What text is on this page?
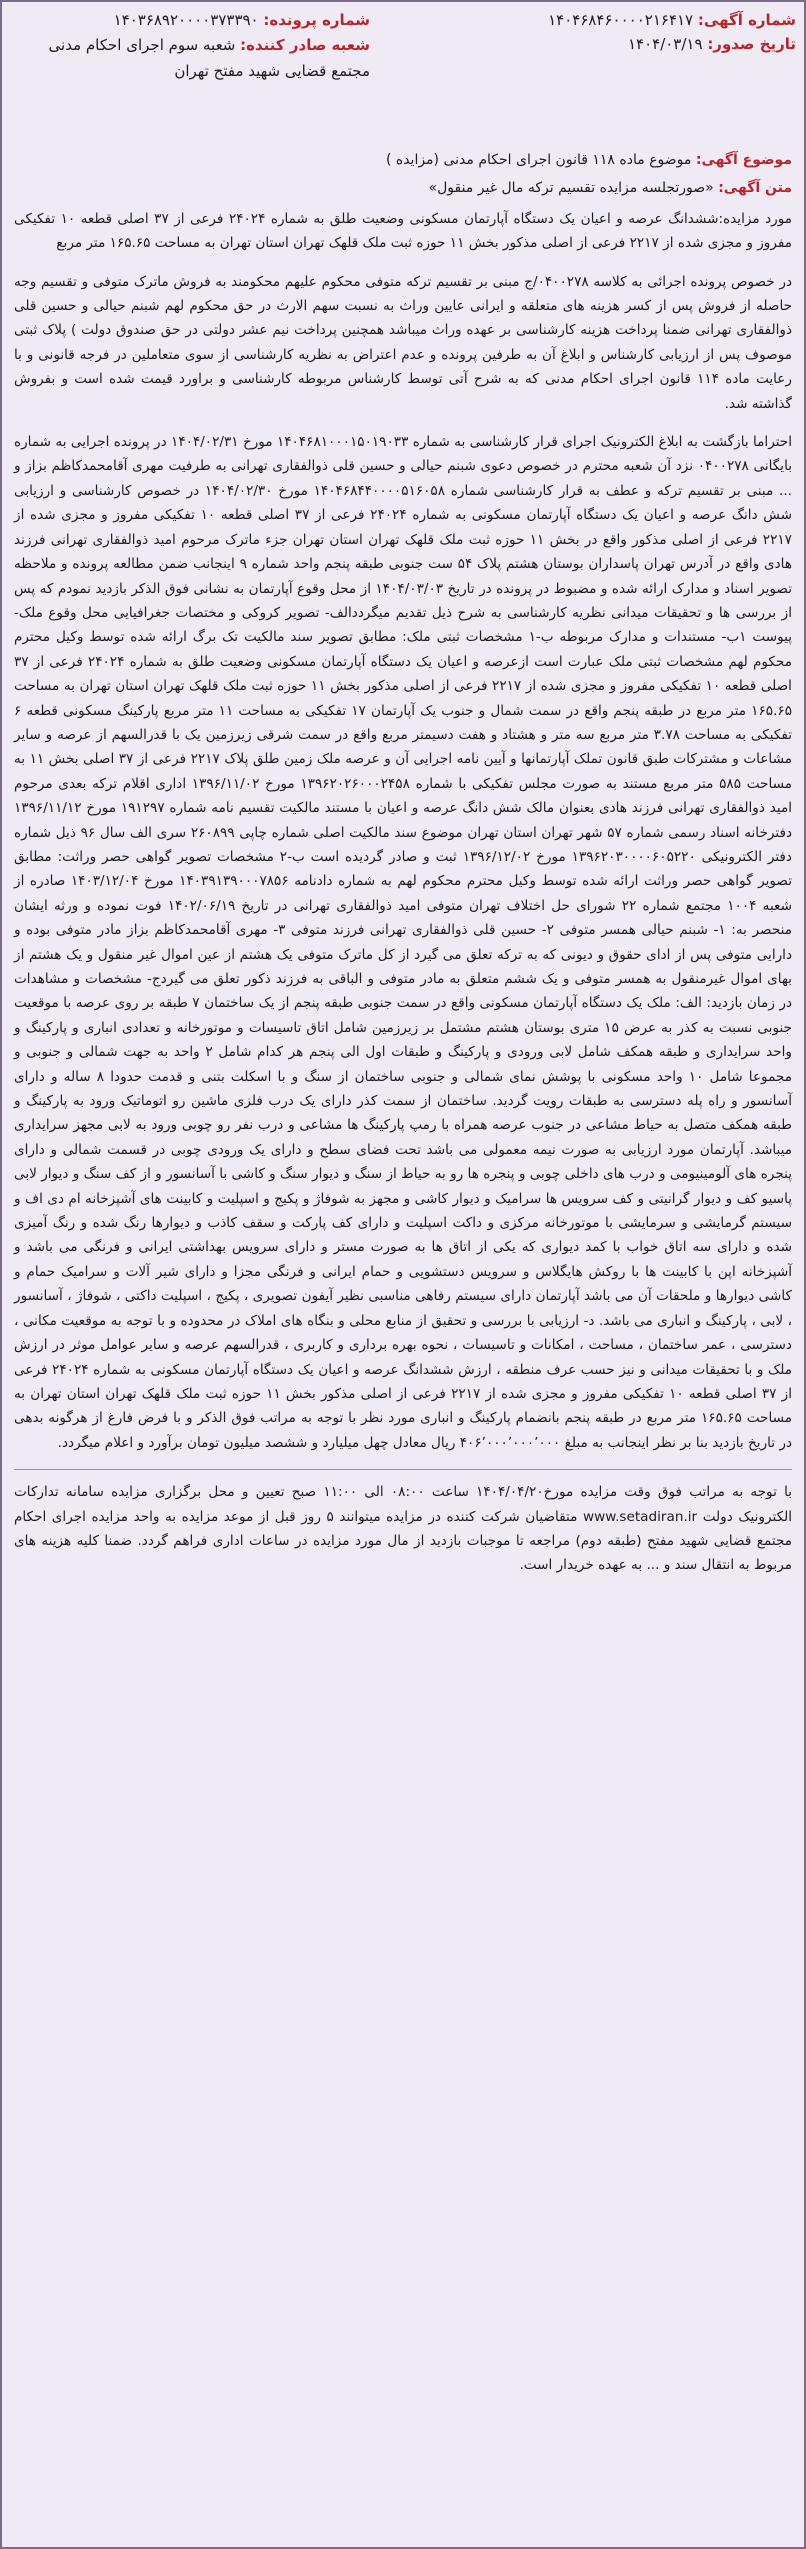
شماره آگهی: ۱۴۰۴۶۸۴۶۰۰۰۰۲۱۶۴۱۷
تاریخ صدور: ۱۴۰۴/۰۳/۱۹
شماره پرونده: ۱۴۰۳۶۸۹۲۰۰۰۰۳۷۳۳۹۰
شعبه صادر کننده: شعبه سوم اجرای احکام مدنی مجتمع قضایی شهید مفتح تهران
موضوع آگهی: موضوع ماده ۱۱۸ قانون اجرای احکام مدنی (مزایده )
متن آگهی: «صورتجلسه مزایده تقسیم ترکه مال غیر منقول»

مورد مزایده:ششدانگ عرصه و اعیان یک دستگاه آپارتمان مسکونی وضعیت طلق به شماره ۲۴۰۲۴ فرعی از ۳۷ اصلی قطعه ۱۰ تفکیکی مفروز و مجزی شده از ۲۲۱۷ فرعی از اصلی مذکور بخش ۱۱ حوزه ثبت ملک قلهک تهران استان تهران به مساحت ۱۶۵.۶۵ متر مربع

در خصوص پرونده اجرائی به کلاسه ۰۴۰۰۲۷۸/ج مبنی بر تقسیم ترکه متوفی محکوم علیهم محکومند به فروش ماترک متوفی و تقسیم وجه حاصله از فروش پس از کسر هزینه های متعلقه و ایرانی عایین وراث به نسبت سهم الارث در حق محکوم لهم شبنم حیالی و حسین قلی ذوالفقاری تهرانی ضمنا پرداخت هزینه کارشناسی بر عهده وراث میباشد همچنین پرداخت نیم عشر دولتی در حق صندوق دولت ) پلاک ثبتی موصوف پس از ارزیابی کارشناس و ابلاغ آن به طرفین پرونده و عدم اعتراض به نظریه کارشناسی از سوی متعاملین در فرجه قانونی و با رعایت ماده ۱۱۴ قانون اجرای احکام مدنی که به شرح آتی توسط کارشناس مربوطه کارشناسی و براورد قیمت شده است و بفروش گذاشته شد.

احتراما بازگشت به ابلاغ الکترونیک اجرای قرار کارشناسی به شماره ۱۴۰۴۶۸۱۰۰۰۱۵۰۱۹۰۳۳ مورخ ۱۴۰۴/۰۲/۳۱ در پرونده اجرایی به شماره بایگانی ۰۴۰۰۲۷۸ نزد آن شعبه محترم در خصوص دعوی شبنم حیالی و حسین قلی ذوالفقاری تهرانی به طرفیت مهری آقامحمدکاظم بزاز و ... مبنی بر تقسیم ترکه و عطف به قرار کارشناسی شماره ۱۴۰۴۶۸۴۴۰۰۰۰۵۱۶۰۵۸ مورخ ۱۴۰۴/۰۲/۳۰ در خصوص کارشناسی و ارزیابی شش دانگ عرصه و اعیان یک دستگاه آپارتمان مسکونی به شماره ۲۴۰۲۴ فرعی از ۳۷ اصلی قطعه ۱۰ تفکیکی مفروز و مجزی شده از ۲۲۱۷ فرعی از اصلی مذکور واقع در بخش ۱۱ حوزه ثبت ملک قلهک تهران استان تهران جزء ماترک مرحوم امید ذوالفقاری تهرانی فرزند هادی واقع در آدرس تهران پاسداران بوستان هشتم پلاک ۵۴ ست جنوبی طبقه پنجم واحد شماره ۹ اینجانب ضمن مطالعه پرونده و ملاحظه تصویر اسناد و مدارک ارائه شده و مضبوط در پرونده در تاریخ ۱۴۰۴/۰۳/۰۳ از محل وقوع آپارتمان به نشانی فوق الذکر بازدید نمودم که پس از بررسی ها و تحقیقات میدانی نظریه کارشناسی به شرح ذیل تقدیم میگرددالف- تصویر کروکی و مختصات جغرافیایی محل وقوع ملک- پیوست ۱ب- مستندات و مدارک مربوطه ب-۱ مشخصات ثبتی ملک: مطابق تصویر سند مالکیت تک برگ ارائه شده توسط وکیل محترم محکوم لهم مشخصات ثبتی ملک عبارت است ازعرصه و اعیان یک دستگاه آپارتمان مسکونی وضعیت طلق به شماره ۲۴۰۲۴ فرعی از ۳۷ اصلی قطعه ۱۰ تفکیکی مفروز و مجزی شده از ۲۲۱۷ فرعی از اصلی مذکور بخش ۱۱ حوزه ثبت ملک قلهک تهران استان تهران به مساحت ۱۶۵.۶۵ متر مربع در طبقه پنجم واقع در سمت شمال و جنوب یک آپارتمان ۱۷ تفکیکی به مساحت ۱۱ متر مربع پارکینگ مسکونی قطعه ۶ تفکیکی به مساحت ۳.۷۸ متر مربع سه متر و هشتاد و هفت دسیمتر مربع واقع در سمت شرقی زیرزمین یک با قدرالسهم از عرصه و سایر مشاعات و مشترکات طبق قانون تملک آپارتمانها و آیین نامه اجرایی آن و عرصه ملک زمین طلق پلاک ۲۲۱۷ فرعی از ۳۷ اصلی بخش ۱۱ به مساحت ۵۸۵ متر مربع مستند به صورت مجلس تفکیکی با شماره ۱۳۹۶۲۰۲۶۰۰۰۲۴۵۸ مورخ ۱۳۹۶/۱۱/۰۲ اداری اقلام ترکه بعدی مرحوم امید ذوالفقاری تهرانی فرزند هادی بعنوان مالک شش دانگ عرصه و اعیان با مستند مالکیت تقسیم نامه شماره ۱۹۱۲۹۷ مورخ ۱۳۹۶/۱۱/۱۲ دفترخانه اسناد رسمی شماره ۵۷ شهر تهران استان تهران موضوع سند مالکیت اصلی شماره چاپی ۲۶۰۸۹۹ سری الف سال ۹۶ ذیل شماره دفتر الکترونیکی ۱۳۹۶۲۰۳۰۰۰۰۶۰۵۲۲۰ مورخ ۱۳۹۶/۱۲/۰۲ ثبت و صادر گردیده است ب-۲ مشخصات تصویر گواهی حصر وراثت: مطابق تصویر گواهی حصر وراثت ارائه شده توسط وکیل محترم محکوم لهم به شماره دادنامه ۱۴۰۳۹۱۳۹۰۰۰۷۸۵۶ مورخ ۱۴۰۳/۱۲/۰۴ صادره از شعبه ۱۰۰۴ مجتمع شماره ۲۲ شورای حل اختلاف تهران متوفی امید ذوالفقاری تهرانی در تاریخ ۱۴۰۲/۰۶/۱۹ فوت نموده و ورثه ایشان منحصر به: ۱- شبنم حیالی همسر متوفی ۲- حسین قلی ذوالفقاری تهرانی فرزند متوفی ۳- مهری آقامحمدکاظم بزاز مادر متوفی بوده و دارایی متوفی پس از ادای حقوق و دیونی که به ترکه تعلق می گیرد از کل ماترک متوفی یک هشتم از عین اموال غیر منقول و یک هشتم از بهای اموال غیرمنقول به همسر متوفی و یک ششم متعلق به مادر متوفی و الباقی به فرزند ذکور تعلق می گیردج- مشخصات و مشاهدات در زمان بازدید: الف: ملک یک دستگاه آپارتمان مسکونی واقع در سمت جنوبی طبقه پنجم از یک ساختمان ۷ طبقه بر روی عرصه با موقعیت جنوبی نسبت به کذر به عرض ۱۵ متری بوستان هشتم مشتمل بر زیرزمین شامل اتاق تاسیسات و موتورخانه و تعدادی انباری و پارکینگ و واحد سرایداری و طبقه همکف شامل لابی ورودی و پارکینگ و طبقات اول الی پنجم هر کدام شامل ۲ واحد به جهت شمالی و جنوبی و مجموعا شامل ۱۰ واحد مسکونی با پوشش نمای شمالی و جنوبی ساختمان از سنگ و با اسکلت بتنی و قدمت حدودا ۸ ساله و دارای آسانسور و راه پله دسترسی به طبقات رویت گردید. ساختمان از سمت کذر دارای یک درب فلزی ماشین رو اتوماتیک ورود به پارکینگ و طبقه همکف متصل به حیاط مشاعی در جنوب عرصه همراه با رمپ پارکینگ ها مشاعی و درب نفر رو چوبی ورود به لابی مجهز سرایداری میباشد. آپارتمان مورد ارزیابی به صورت نیمه معمولی می باشد تحت فضای سطح و دارای یک ورودی چوبی در قسمت شمالی و دارای پنجره های آلومینیومی و درب های داخلی چوبی و پنجره ها رو به حیاط از سنگ و دیوار سنگ و کاشی با آسانسور و از کف سنگ و دیوار لابی پاسیو کف و دیوار گرانیتی و کف سرویس ها سرامیک و دیوار کاشی و مجهز به شوفاژ و پکیج و اسپلیت و کابینت های آشپزخانه ام دی اف و سیستم گرمایشی و سرمایشی با موتورخانه مرکزی و داکت اسپلیت و دارای کف پارکت و سقف کاذب و دیوارها رنگ شده و رنگ آمیزی شده و دارای سه اتاق خواب با کمد دیواری که یکی از اتاق ها به صورت مستر و دارای سرویس بهداشتی ایرانی و فرنگی می باشد و آشپزخانه اپن با کابینت ها با روکش هایگلاس و سرویس دستشویی و حمام ایرانی و فرنگی مجزا و دارای شیر آلات و سرامیک حمام و کاشی دیوارها و ملحقات آن می باشد آپارتمان دارای سیستم رفاهی مناسبی نظیر آیفون تصویری ، پکیج ، اسپلیت داکتی ، شوفاژ ، آسانسور ، لابی ، پارکینگ و انباری می باشد. د- ارزیابی با بررسی و تحقیق از منابع محلی و بنگاه های املاک در محدوده و با توجه به موقعیت مکانی ، دسترسی ، عمر ساختمان ، مساحت ، امکانات و تاسیسات ، نحوه بهره برداری و کاربری ، قدرالسهم عرصه و سایر عوامل موثر در ارزش ملک و با تحقیقات میدانی و نیز حسب عرف منطقه ، ارزش ششدانگ عرصه و اعیان یک دستگاه آپارتمان مسکونی به شماره ۲۴۰۲۴ فرعی از ۳۷ اصلی قطعه ۱۰ تفکیکی مفروز و مجزی شده از ۲۲۱۷ فرعی از اصلی مذکور بخش ۱۱ حوزه ثبت ملک قلهک تهران استان تهران به مساحت ۱۶۵.۶۵ متر مربع در طبقه پنجم بانضمام پارکینگ و انباری مورد نظر با توجه به مراتب فوق الذکر و با فرض فارغ از هرگونه بدهی در تاریخ بازدید بنا بر نظر اینجانب به مبلغ ۴۰۶٬۰۰۰٬۰۰۰٬۰۰۰ ریال معادل چهل میلیارد و ششصد میلیون تومان برآورد و اعلام میگردد.

با توجه به مراتب فوق وقت مزایده مورخ۱۴۰۴/۰۴/۲۰ ساعت ۰۸:۰۰ الی ۱۱:۰۰ صبح تعیین و محل برگزاری مزایده سامانه تدارکات الکترونیک دولت www.setadiran.ir متقاضیان شرکت کننده در مزایده میتوانند ۵ روز قبل از موعد مزایده به واحد مزایده اجرای احکام مجتمع قضایی شهید مفتح (طبقه دوم) مراجعه تا موجبات بازدید از مال مورد مزایده در ساعات اداری فراهم گردد. ضمنا کلیه هزینه های مربوط به انتقال سند و ... به عهده خریدار است.
